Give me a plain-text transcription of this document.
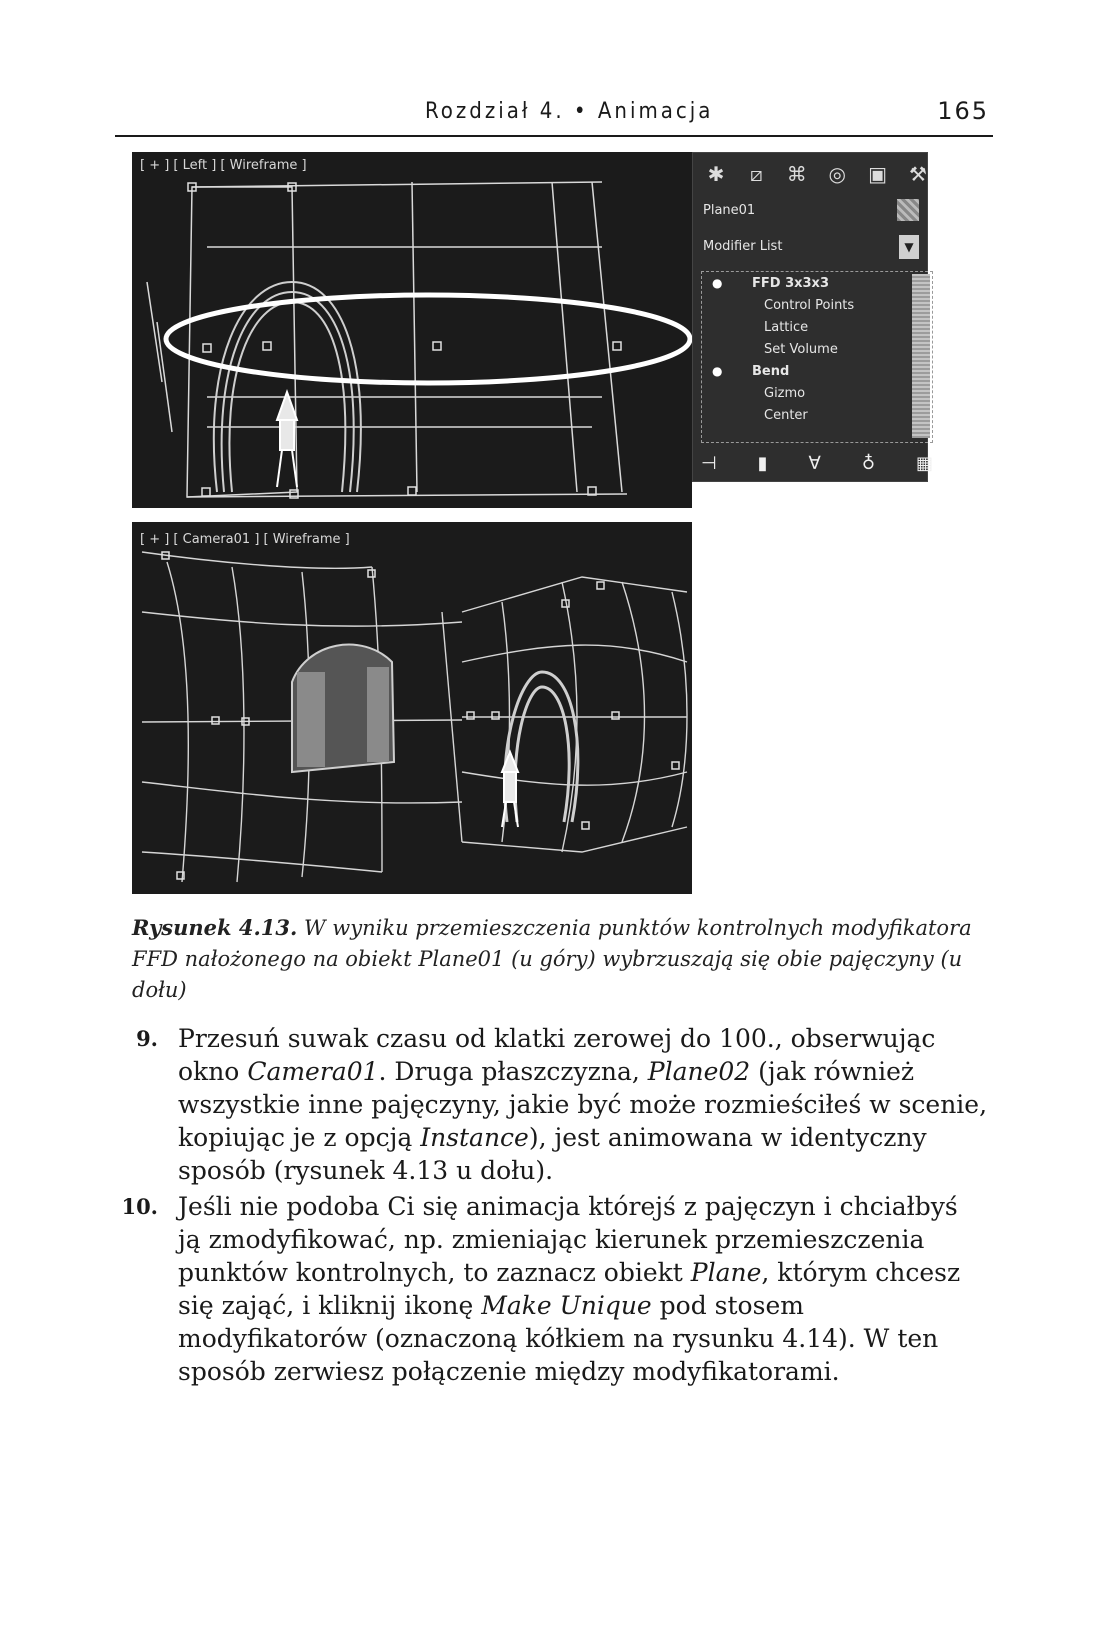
Rozdział 4. • Animacja	165
[ + ] [ Left ] [ Wireframe ]	✱	⧄	⌘	◎	▣	⚒
Plane01
Modifier List	▼
● FFD 3x3x3
Control Points
Lattice
Set Volume
● Bend
Gizmo
Center
⊣ ▮ ∀ ♁ ▦
[ + ] [ Camera01 ] [ Wireframe ]
Rysunek 4.13. W wyniku przemieszczenia punktów kontrolnych modyfikatora FFD nałożonego na obiekt Plane01 (u góry) wybrzuszają się obie pajęczyny (u dołu)
9. Przesuń suwak czasu od klatki zerowej do 100., obserwując okno Camera01. Druga płaszczyzna, Plane02 (jak również wszystkie inne pajęczyny, jakie być może rozmieściłeś w scenie, kopiując je z opcją Instance), jest animowana w identyczny sposób (rysunek 4.13 u dołu).
10. Jeśli nie podoba Ci się animacja którejś z pajęczyn i chciałbyś ją zmodyfikować, np. zmieniając kierunek przemieszczenia punktów kontrolnych, to zaznacz obiekt Plane, którym chcesz się zająć, i kliknij ikonę Make Unique pod stosem modyfikatorów (oznaczoną kółkiem na rysunku 4.14). W ten sposób zerwiesz połączenie między modyfikatorami.
